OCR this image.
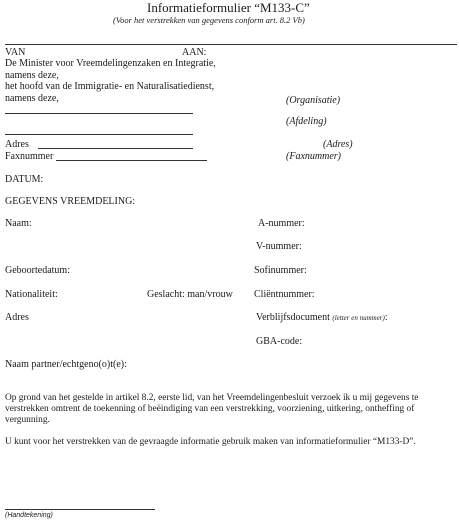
Informatieformulier “M133-C”
(Voor het verstrekken van gegevens conform art. 8.2 Vb)
VAN	AAN:
De Minister voor Vreemdelingenzaken en Integratie,
namens deze,
het hoofd van de Immigratie- en Naturalisatiedienst,
namens deze,	(Organisatie)
(Afdeling)
Adres	(Adres)
Faxnummer	(Faxnummer)
DATUM:
GEGEVENS VREEMDELING:
Naam:	A-nummer:
V-nummer:
Geboortedatum:	Sofinummer:
Nationaliteit:	Geslacht: man/vrouw Cliëntnummer:
Adres	Verblijfsdocument (letter en nummer):
GBA-code:
Naam partner/echtgeno(o)t(e):
Op grond van het gestelde in artikel 8.2, eerste lid, van het Vreemdelingenbesluit verzoek ik u mij gegevens te
verstrekken omtrent de toekenning of beëindiging van een verstrekking, voorziening, uitkering, ontheffing of
vergunning.
U kunt voor het verstrekken van de gevraagde informatie gebruik maken van informatieformulier “M133-D”.
(Handtekening)
